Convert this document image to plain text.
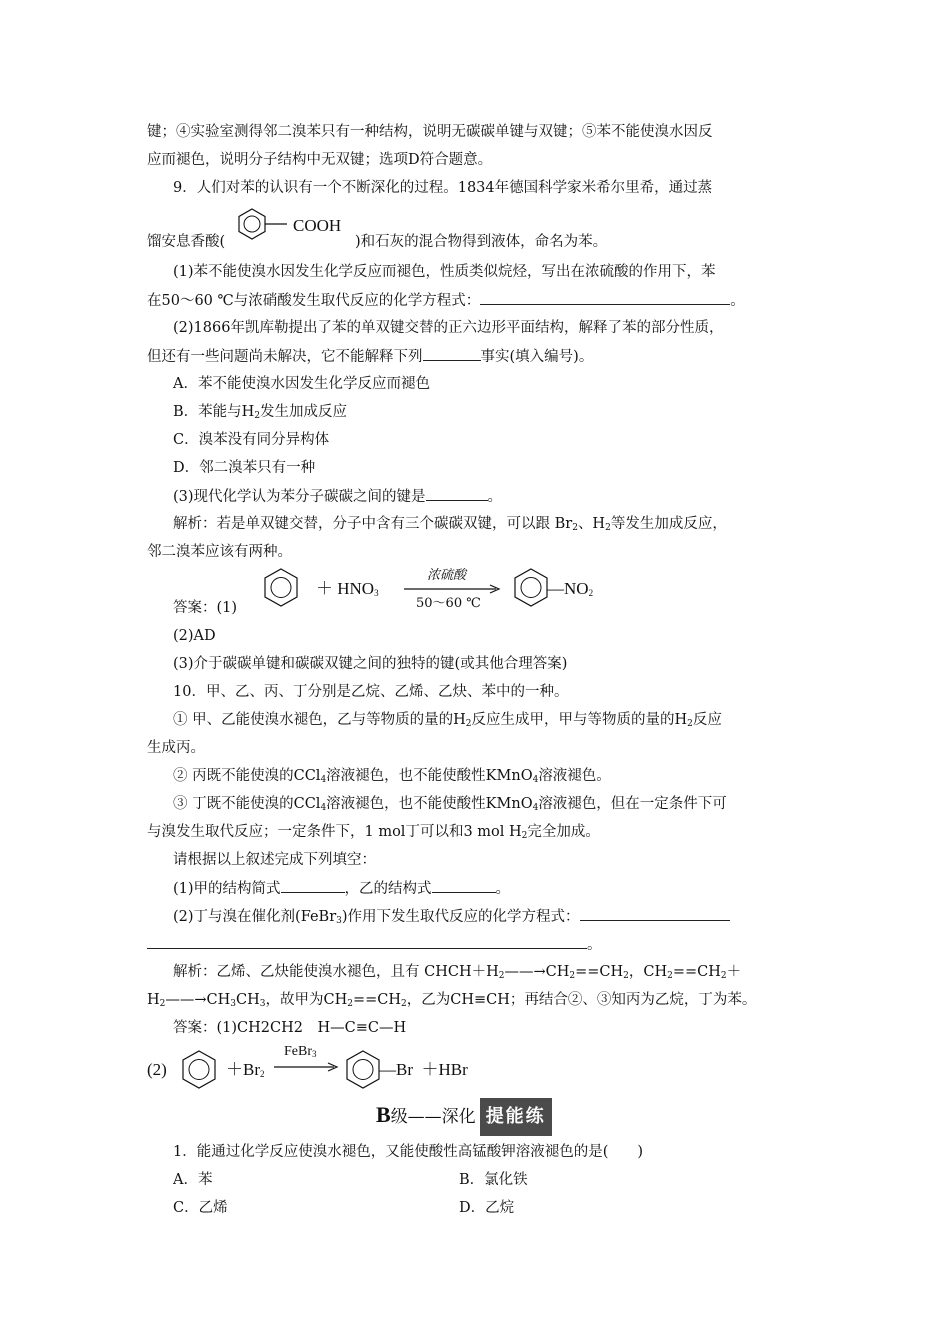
键；④实验室测得邻二溴苯只有一种结构，说明无碳碳单键与双键；⑤苯不能使溴水因反
应而褪色，说明分子结构中无双键；选项D符合题意。
9．人们对苯的认识有一个不断深化的过程。1834年德国科学家米希尔里希，通过蒸
馏安息香酸(
COOH
)和石灰的混合物得到液体，命名为苯。
(1)苯不能使溴水因发生化学反应而褪色，性质类似烷烃，写出在浓硫酸的作用下，苯
在50～60 ℃与浓硝酸发生取代反应的化学方程式：	。
(2)1866年凯库勒提出了苯的单双键交替的正六边形平面结构，解释了苯的部分性质，
但还有一些问题尚未解决，它不能解释下列	事实(填入编号)。
A．苯不能使溴水因发生化学反应而褪色
B．苯能与$H_2$发生加成反应
C．溴苯没有同分异构体
D．邻二溴苯只有一种
(3)现代化学认为苯分子碳碳之间的键是	。
解析：若是单双键交替，分子中含有三个碳碳双键，可以跟 $Br_2$、$H_2$等发生加成反应，
邻二溴苯应该有两种。
答案：(1)
＋ $HNO_3$
浓硫酸
50～60 ℃
$—NO_2$
(2)AD
(3)介于碳碳单键和碳碳双键之间的独特的键(或其他合理答案)
10．甲、乙、丙、丁分别是乙烷、乙烯、乙炔、苯中的一种。
① 甲、乙能使溴水褪色，乙与等物质的量的$H_2$反应生成甲，甲与等物质的量的$H_2$反应
生成丙。
② 丙既不能使溴的CCl$_4$溶液褪色，也不能使酸性KMnO$_4$溶液褪色。
③ 丁既不能使溴的CCl$_4$溶液褪色，也不能使酸性KMnO$_4$溶液褪色，但在一定条件下可
与溴发生取代反应；一定条件下，1 mol丁可以和3 mol $H_2$完全加成。
请根据以上叙述完成下列填空：
(1)甲的结构简式	，乙的结构式	。
(2)丁与溴在催化剂(FeBr$_3$)作用下发生取代反应的化学方程式：
。
解析：乙烯、乙炔能使溴水褪色，且有 $CHCH+H_2——\to CH_2==CH_2$，$CH_2==CH_2+$
$H_2——\to CH_3CH_3$，故甲为$CH_2==CH_2$，乙为CH≡CH；再结合②、③知丙为乙烷，丁为苯。
答案：(1)CH2CH2　H—C≡C—H
(2)	$+Br_2$
FeBr$_3$
—Br  ＋HBr
B级——深化 提能练
1．能通过化学反应使溴水褪色，又能使酸性高锰酸钾溶液褪色的是(　　)
A．苯	B．氯化铁
C．乙烯	D．乙烷
